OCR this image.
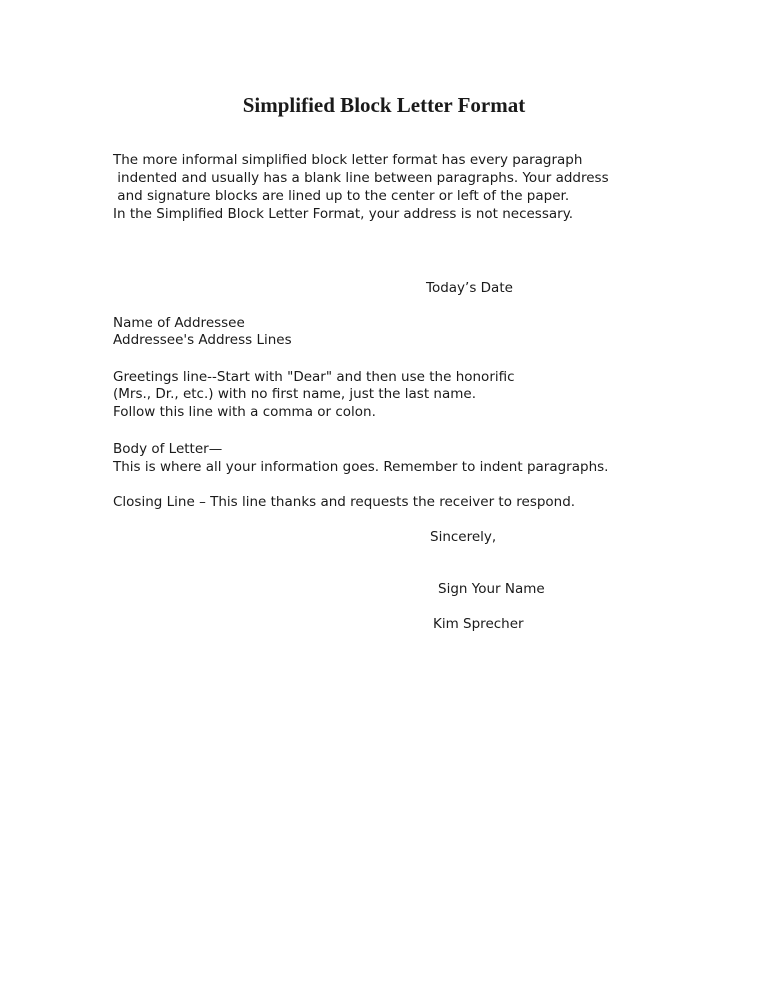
Simplified Block Letter Format

The more informal simplified block letter format has every paragraph

indented and usually has a blank line between paragraphs. Your address

and signature blocks are lined up to the center or left of the paper.

In the Simplified Block Letter Format, your address is not necessary.

Today’s Date

Name of Addressee

Addressee's Address Lines

Greetings line--Start with "Dear" and then use the honorific

(Mrs., Dr., etc.) with no first name, just the last name.

Follow this line with a comma or colon.

Body of Letter—

This is where all your information goes. Remember to indent paragraphs.

Closing Line – This line thanks and requests the receiver to respond.

Sincerely,

Sign Your Name

Kim Sprecher
